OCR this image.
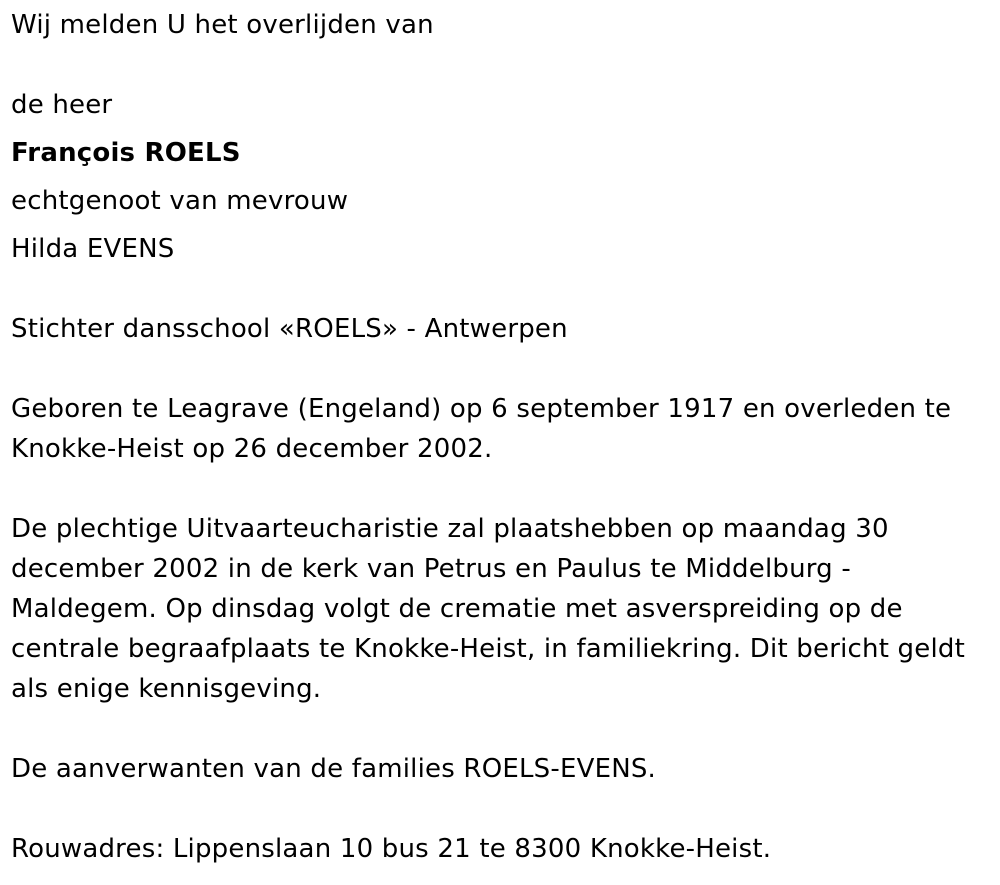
Wij melden U het overlijden van

de heer

François ROELS

echtgenoot van mevrouw

Hilda EVENS

Stichter dansschool «ROELS» - Antwerpen

Geboren te Leagrave (Engeland) op 6 september 1917 en overleden te

Knokke-Heist op 26 december 2002.

De plechtige Uitvaarteucharistie zal plaatshebben op maandag 30

december 2002 in de kerk van Petrus en Paulus te Middelburg -

Maldegem. Op dinsdag volgt de crematie met asverspreiding op de

centrale begraafplaats te Knokke-Heist, in familiekring. Dit bericht geldt

als enige kennisgeving.

De aanverwanten van de families ROELS-EVENS.

Rouwadres: Lippenslaan 10 bus 21 te 8300 Knokke-Heist.
